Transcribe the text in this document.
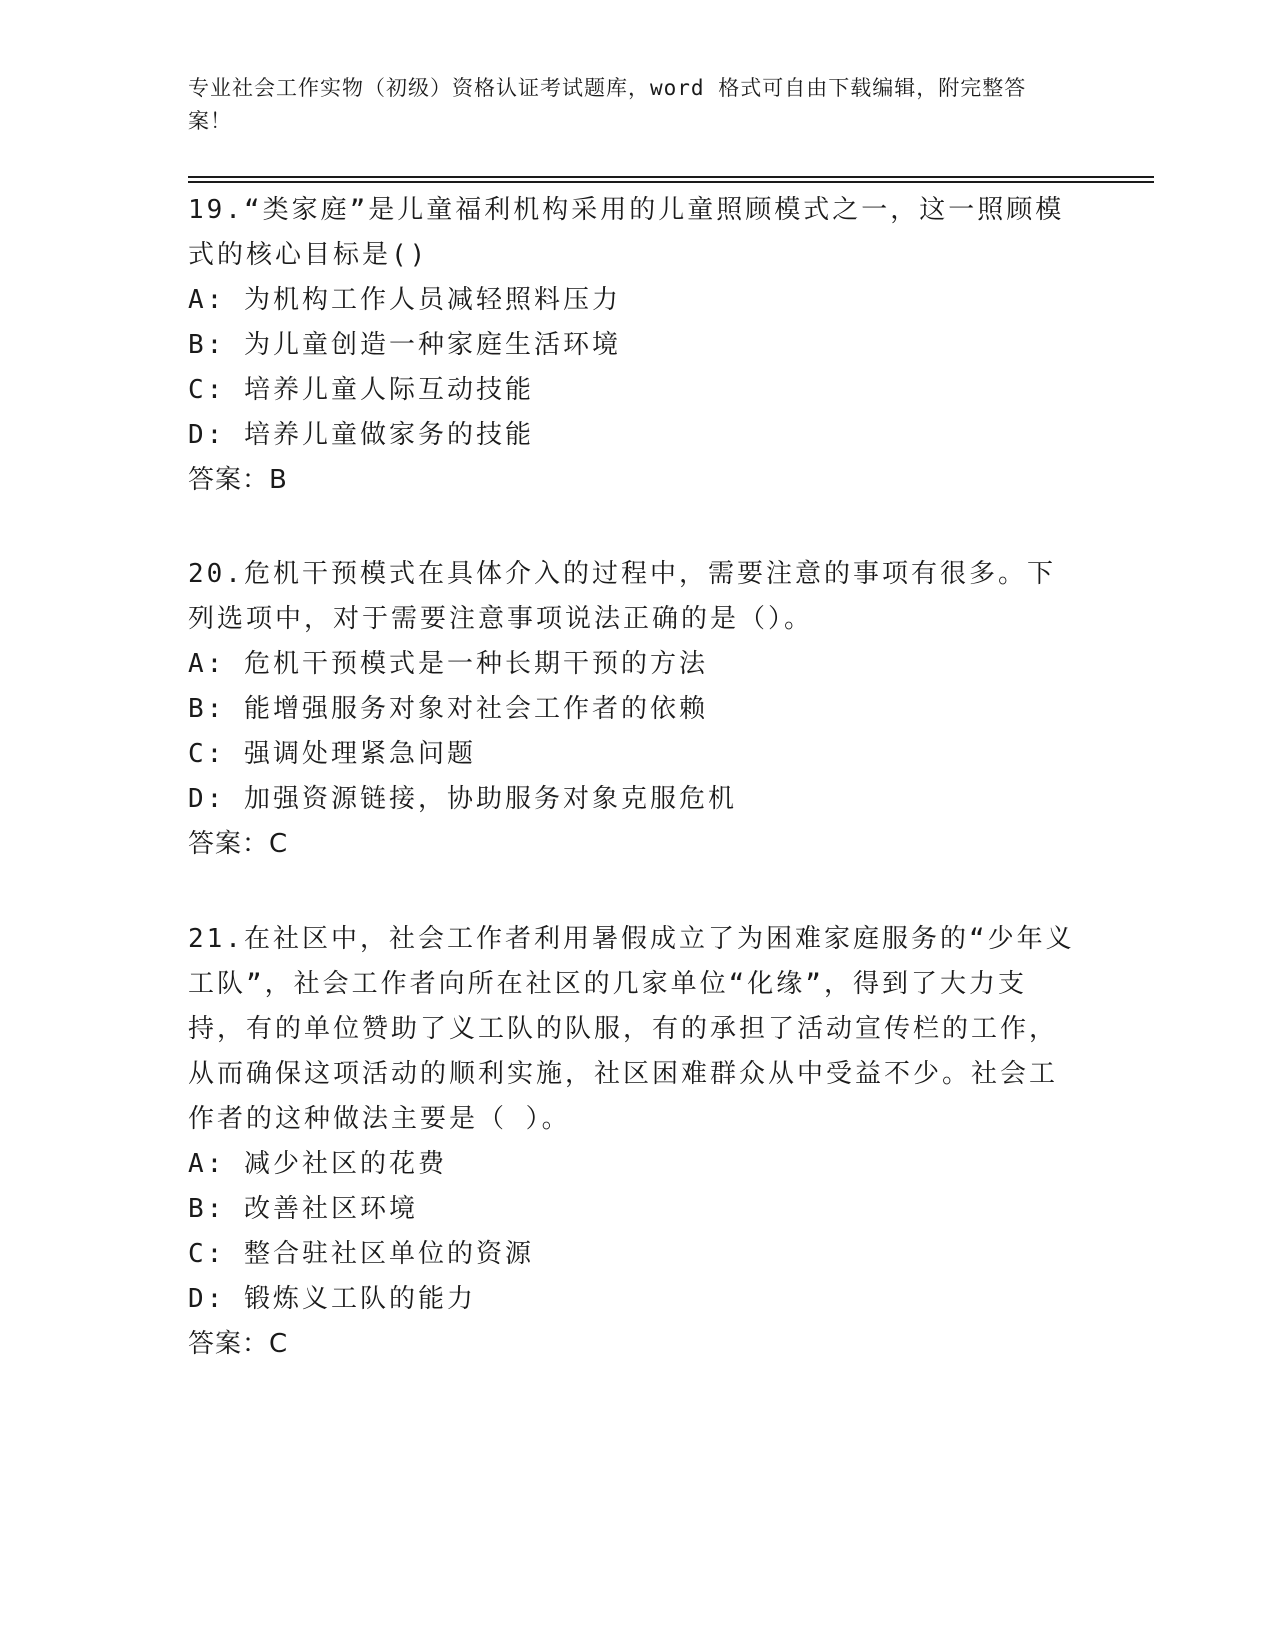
专业社会工作实物（初级）资格认证考试题库，word 格式可自由下载编辑，附完整答案！

19.“类家庭”是儿童福利机构采用的儿童照顾模式之一，这一照顾模式的核心目标是()

A: 为机构工作人员减轻照料压力

B: 为儿童创造一种家庭生活环境

C: 培养儿童人际互动技能

D: 培养儿童做家务的技能

答案：B

20.危机干预模式在具体介入的过程中，需要注意的事项有很多。下列选项中，对于需要注意事项说法正确的是（）。

A: 危机干预模式是一种长期干预的方法

B: 能增强服务对象对社会工作者的依赖

C: 强调处理紧急问题

D: 加强资源链接，协助服务对象克服危机

答案：C

21.在社区中，社会工作者利用暑假成立了为困难家庭服务的“少年义工队”，社会工作者向所在社区的几家单位“化缘”，得到了大力支持，有的单位赞助了义工队的队服，有的承担了活动宣传栏的工作，从而确保这项活动的顺利实施，社区困难群众从中受益不少。社会工作者的这种做法主要是（ ）。

A: 减少社区的花费

B: 改善社区环境

C: 整合驻社区单位的资源

D: 锻炼义工队的能力

答案：C
